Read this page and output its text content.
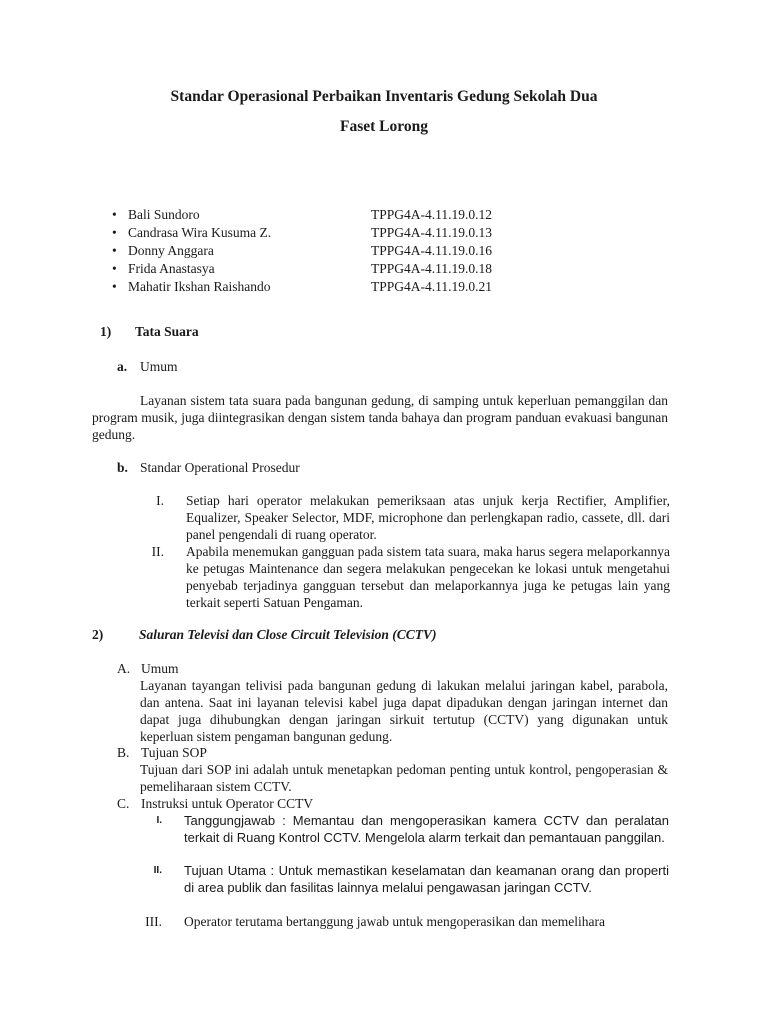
Standar Operasional Perbaikan Inventaris Gedung Sekolah Dua
Faset Lorong
• Bali Sundoro	TPPG4A-4.11.19.0.12
• Candrasa Wira Kusuma Z.	TPPG4A-4.11.19.0.13
• Donny Anggara	TPPG4A-4.11.19.0.16
• Frida Anastasya	TPPG4A-4.11.19.0.18
• Mahatir Ikshan Raishando	TPPG4A-4.11.19.0.21
1) Tata Suara
a. Umum
Layanan sistem tata suara pada bangunan gedung, di samping untuk keperluan pemanggilan dan program musik, juga diintegrasikan dengan sistem tanda bahaya dan program panduan evakuasi bangunan gedung.
b. Standar Operational Prosedur
I. Setiap hari operator melakukan pemeriksaan atas unjuk kerja Rectifier, Amplifier, Equalizer, Speaker Selector, MDF, microphone dan perlengkapan radio, cassete, dll. dari panel pengendali di ruang operator.
II. Apabila menemukan gangguan pada sistem tata suara, maka harus segera melaporkannya ke petugas Maintenance dan segera melakukan pengecekan ke lokasi untuk mengetahui penyebab terjadinya gangguan tersebut dan melaporkannya juga ke petugas lain yang terkait seperti Satuan Pengaman.
2)	Saluran Televisi dan Close Circuit Television (CCTV)
A. Umum
Layanan tayangan telivisi pada bangunan gedung di lakukan melalui jaringan kabel, parabola, dan antena. Saat ini layanan televisi kabel juga dapat dipadukan dengan jaringan internet dan dapat juga dihubungkan dengan jaringan sirkuit tertutup (CCTV) yang digunakan untuk keperluan sistem pengaman bangunan gedung.
B. Tujuan SOP
Tujuan dari SOP ini adalah untuk menetapkan pedoman penting untuk kontrol, pengoperasian & pemeliharaan sistem CCTV.
C. Instruksi untuk Operator CCTV
I. Tanggungjawab : Memantau dan mengoperasikan kamera CCTV dan peralatan terkait di Ruang Kontrol CCTV. Mengelola alarm terkait dan pemantauan panggilan.
II. Tujuan Utama : Untuk memastikan keselamatan dan keamanan orang dan properti di area publik dan fasilitas lainnya melalui pengawasan jaringan CCTV.
III. Operator terutama bertanggung jawab untuk mengoperasikan dan memelihara
